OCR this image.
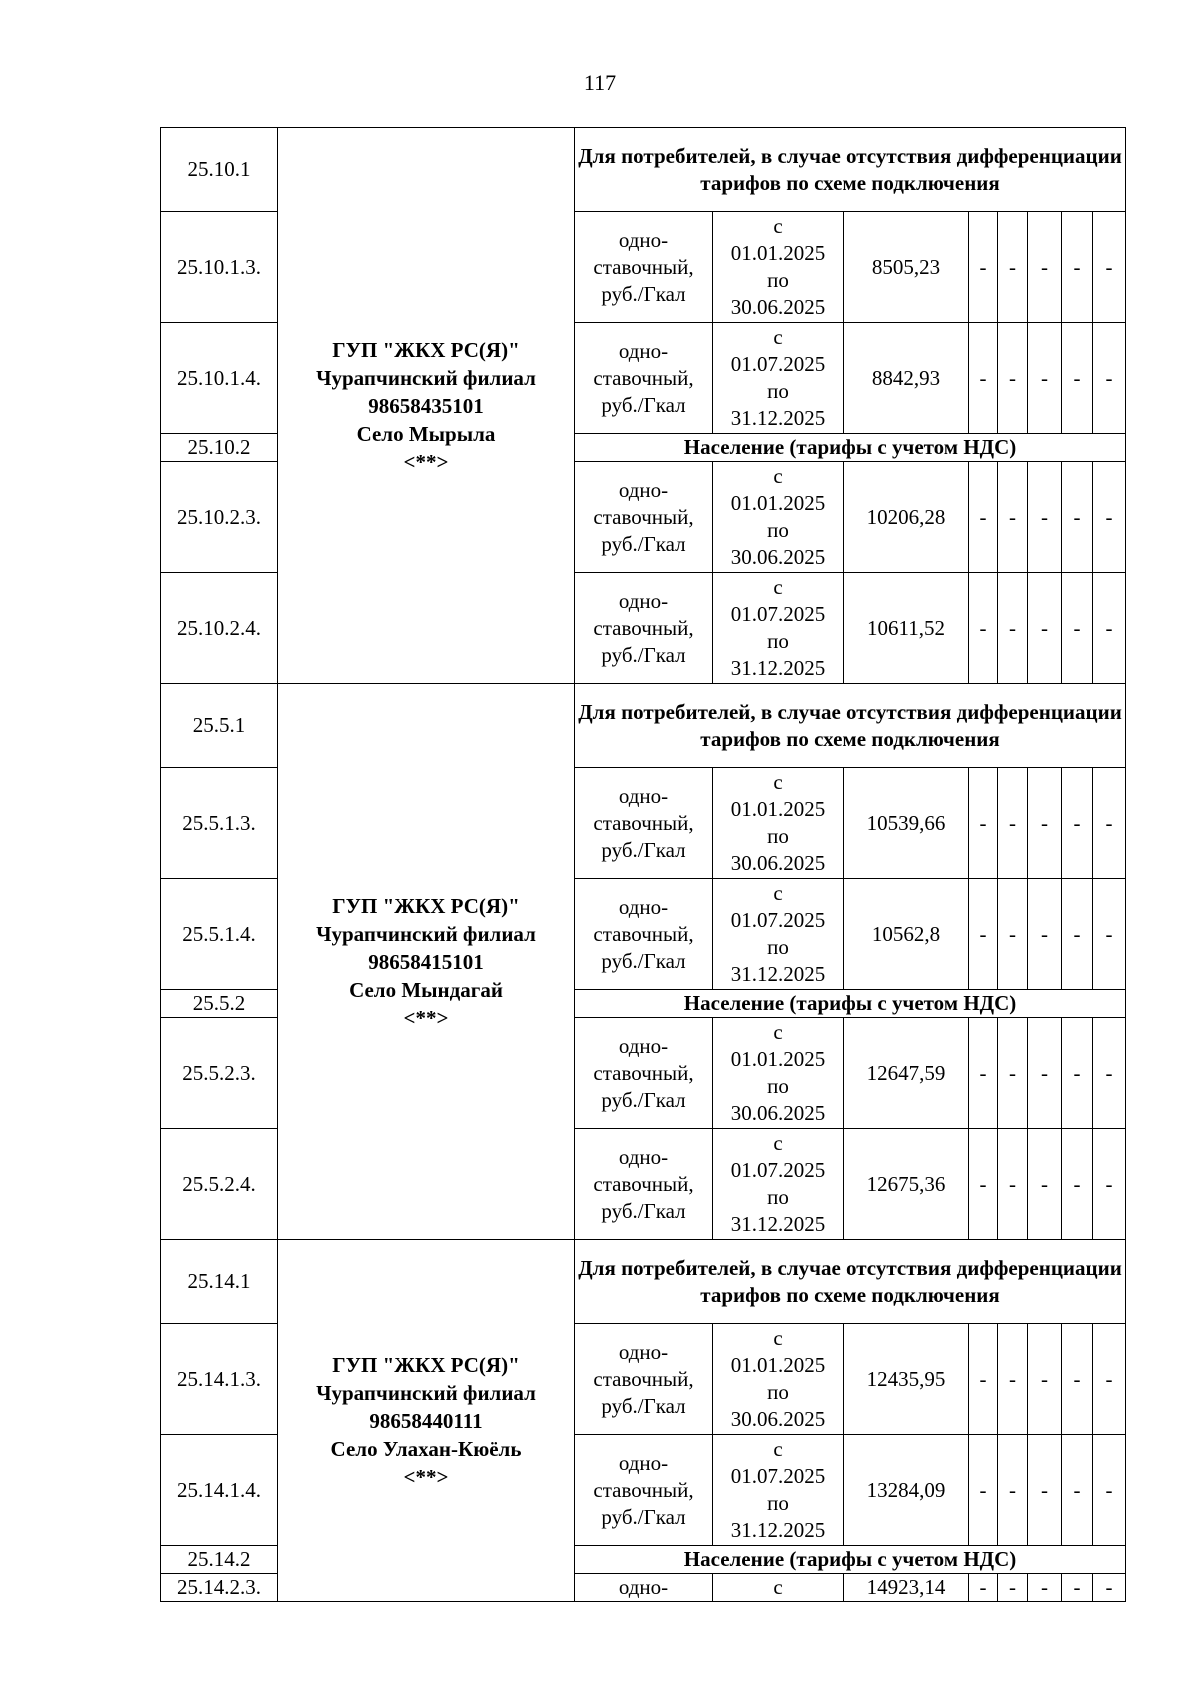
117
25.10.1	ГУП "ЖКХ РС(Я)"
Чурапчинский филиал
98658435101
Село Мырыла
<**>	Для потребителей, в случае отсутствия дифференциации тарифов по схеме подключения							
25.10.1.3.		одно-
ставочный,
руб./Гкал	с
01.01.2025
по
30.06.2025	8505,23	-	-	-	-	-
25.10.1.4.		одно-
ставочный,
руб./Гкал	с
01.07.2025
по
31.12.2025	8842,93	-	-	-	-	-
25.10.2		Население (тарифы с учетом НДС)							
25.10.2.3.		одно-
ставочный,
руб./Гкал	с
01.01.2025
по
30.06.2025	10206,28	-	-	-	-	-
25.10.2.4.		одно-
ставочный,
руб./Гкал	с
01.07.2025
по
31.12.2025	10611,52	-	-	-	-	-
25.5.1	ГУП "ЖКХ РС(Я)"
Чурапчинский филиал
98658415101
Село Мындагай
<**>	Для потребителей, в случае отсутствия дифференциации тарифов по схеме подключения							
25.5.1.3.		одно-
ставочный,
руб./Гкал	с
01.01.2025
по
30.06.2025	10539,66	-	-	-	-	-
25.5.1.4.		одно-
ставочный,
руб./Гкал	с
01.07.2025
по
31.12.2025	10562,8	-	-	-	-	-
25.5.2		Население (тарифы с учетом НДС)							
25.5.2.3.		одно-
ставочный,
руб./Гкал	с
01.01.2025
по
30.06.2025	12647,59	-	-	-	-	-
25.5.2.4.		одно-
ставочный,
руб./Гкал	с
01.07.2025
по
31.12.2025	12675,36	-	-	-	-	-
25.14.1	ГУП "ЖКХ РС(Я)"
Чурапчинский филиал
98658440111
Село Улахан-Кюёль
<**>	Для потребителей, в случае отсутствия дифференциации тарифов по схеме подключения							
25.14.1.3.		одно-
ставочный,
руб./Гкал	с
01.01.2025
по
30.06.2025	12435,95	-	-	-	-	-
25.14.1.4.		одно-
ставочный,
руб./Гкал	с
01.07.2025
по
31.12.2025	13284,09	-	-	-	-	-
25.14.2		Население (тарифы с учетом НДС)							
25.14.2.3.		одно-	с	14923,14	-	-	-	-	-
